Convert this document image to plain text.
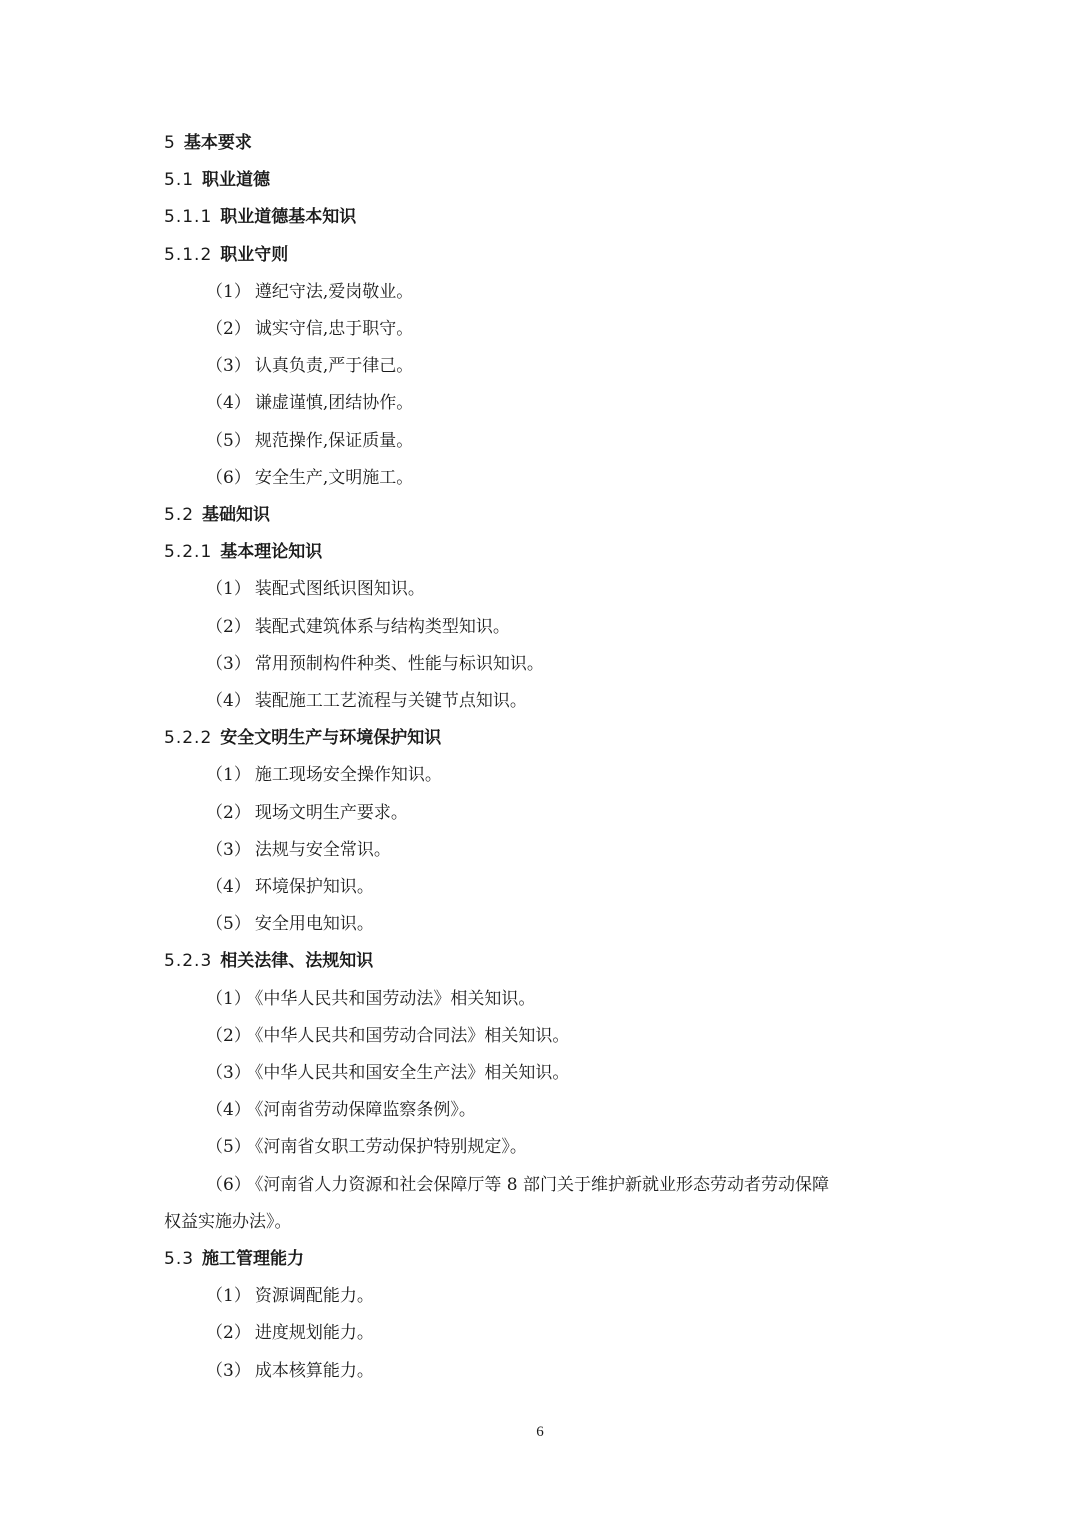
5 基本要求
5.1 职业道德
5.1.1 职业道德基本知识
5.1.2 职业守则
（1） 遵纪守法,爱岗敬业。
（2） 诚实守信,忠于职守。
（3） 认真负责,严于律己。
（4） 谦虚谨慎,团结协作。
（5） 规范操作,保证质量。
（6） 安全生产,文明施工。
5.2 基础知识
5.2.1 基本理论知识
（1） 装配式图纸识图知识。
（2） 装配式建筑体系与结构类型知识。
（3） 常用预制构件种类、性能与标识知识。
（4） 装配施工工艺流程与关键节点知识。
5.2.2 安全文明生产与环境保护知识
（1） 施工现场安全操作知识。
（2） 现场文明生产要求。
（3） 法规与安全常识。
（4） 环境保护知识。
（5） 安全用电知识。
5.2.3 相关法律、法规知识
（1） 《中华人民共和国劳动法》相关知识。
（2） 《中华人民共和国劳动合同法》相关知识。
（3） 《中华人民共和国安全生产法》相关知识。
（4） 《河南省劳动保障监察条例》。
（5） 《河南省女职工劳动保护特别规定》。
（6） 《河南省人力资源和社会保障厅等 8 部门关于维护新就业形态劳动者劳动保障
权益实施办法》。
5.3 施工管理能力
（1） 资源调配能力。
（2） 进度规划能力。
（3） 成本核算能力。
6
